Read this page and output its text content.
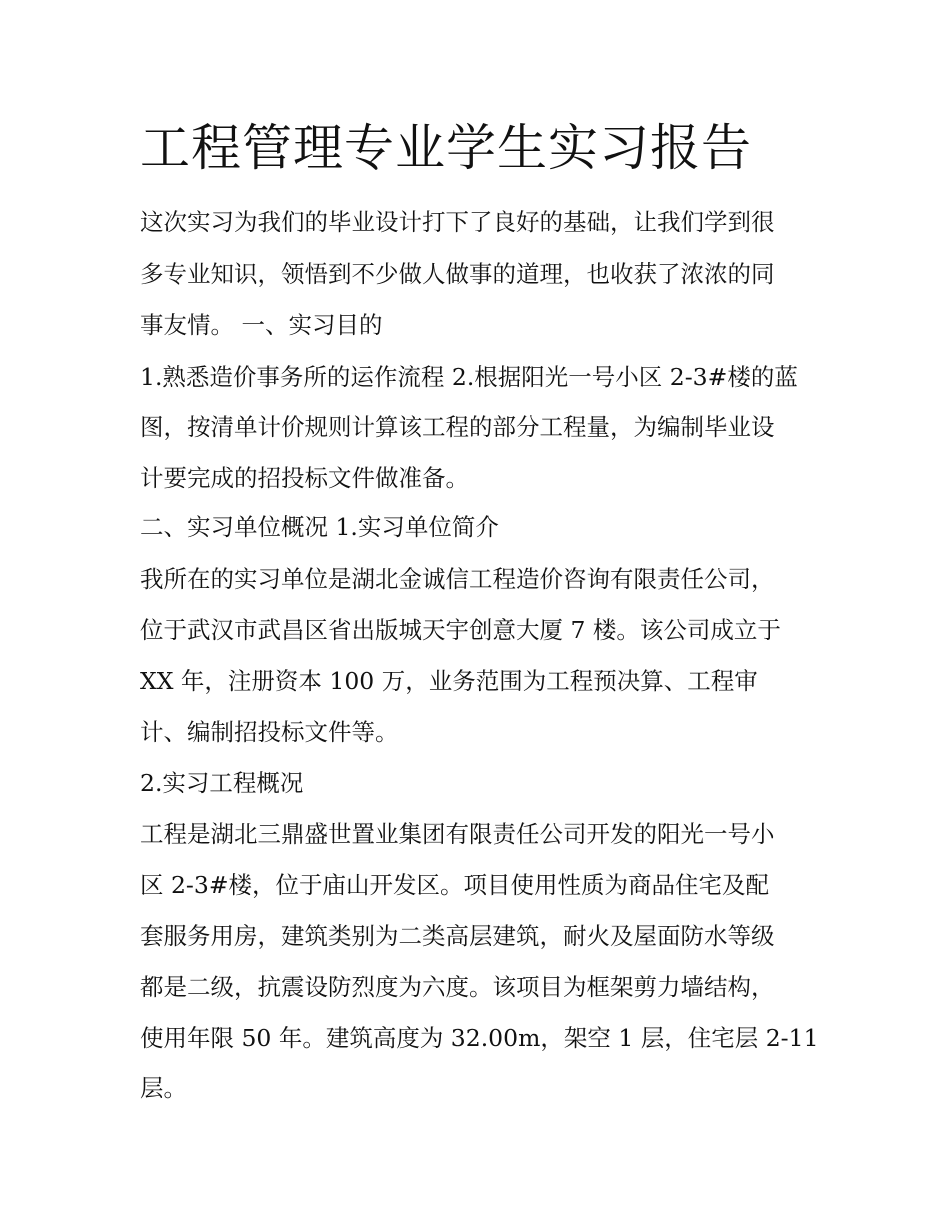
工程管理专业学生实习报告

这次实习为我们的毕业设计打下了良好的基础，让我们学到很

多专业知识，领悟到不少做人做事的道理，也收获了浓浓的同

事友情。 一、实习目的

1.熟悉造价事务所的运作流程 2.根据阳光一号小区 2-3#楼的蓝

图，按清单计价规则计算该工程的部分工程量，为编制毕业设

计要完成的招投标文件做准备。

二、实习单位概况 1.实习单位简介

我所在的实习单位是湖北金诚信工程造价咨询有限责任公司，

位于武汉市武昌区省出版城天宇创意大厦 7 楼。该公司成立于

XX 年，注册资本 100 万，业务范围为工程预决算、工程审

计、编制招投标文件等。

2.实习工程概况

工程是湖北三鼎盛世置业集团有限责任公司开发的阳光一号小

区 2-3#楼，位于庙山开发区。项目使用性质为商品住宅及配

套服务用房，建筑类别为二类高层建筑，耐火及屋面防水等级

都是二级，抗震设防烈度为六度。该项目为框架剪力墙结构，

使用年限 50 年。建筑高度为 32.00m，架空 1 层，住宅层 2-11

层。
